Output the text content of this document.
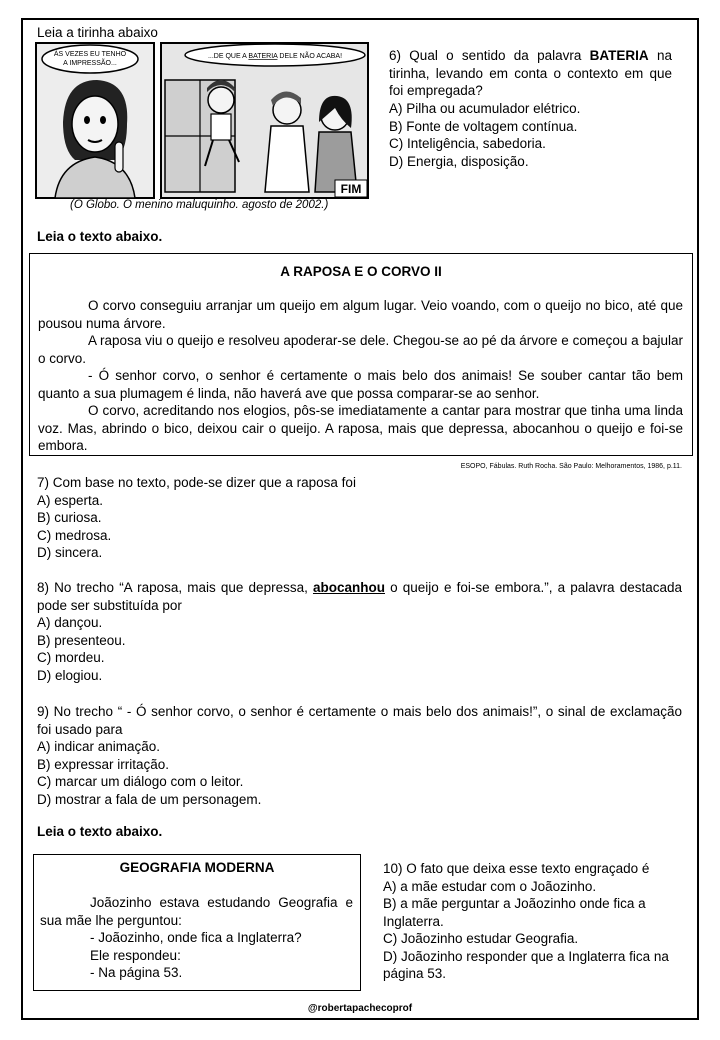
Leia a tirinha abaixo
ÀS VEZES EU TENHO
A IMPRESSÃO...
...DE QUE A BATERIA DELE NÃO ACABA!
FIM
(O Globo. O menino maluquinho. agosto de 2002.)
6) Qual o sentido da palavra BATERIA na tirinha, levando em conta o contexto em que foi empregada?
A) Pilha ou acumulador elétrico.
B) Fonte de voltagem contínua.
C) Inteligência, sabedoria.
D) Energia, disposição.
Leia o texto abaixo.
A RAPOSA E O CORVO II

O corvo conseguiu arranjar um queijo em algum lugar. Veio voando, com o queijo no bico, até que pousou numa árvore.

A raposa viu o queijo e resolveu apoderar-se dele. Chegou-se ao pé da árvore e começou a bajular o corvo.

- Ó senhor corvo, o senhor é certamente o mais belo dos animais! Se souber cantar tão bem quanto a sua plumagem é linda, não haverá ave que possa comparar-se ao senhor.

O corvo, acreditando nos elogios, pôs-se imediatamente a cantar para mostrar que tinha uma linda voz. Mas, abrindo o bico, deixou cair o queijo. A raposa, mais que depressa, abocanhou o queijo e foi-se embora.

ESOPO, Fábulas. Ruth Rocha. São Paulo: Melhoramentos, 1986, p.11.
7) Com base no texto, pode-se dizer que a raposa foi
A) esperta.
B) curiosa.
C) medrosa.
D) sincera.
8) No trecho “A raposa, mais que depressa, abocanhou o queijo e foi-se embora.”, a palavra destacada pode ser substituída por
A) dançou.
B) presenteou.
C) mordeu.
D) elogiou.
9) No trecho “ - Ó senhor corvo, o senhor é certamente o mais belo dos animais!”, o sinal de exclamação foi usado para
A) indicar animação.
B) expressar irritação.
C) marcar um diálogo com o leitor.
D) mostrar a fala de um personagem.
Leia o texto abaixo.
GEOGRAFIA MODERNA

Joãozinho estava estudando Geografia e sua mãe lhe perguntou:

- Joãozinho, onde fica a Inglaterra?

Ele respondeu:

- Na página 53.

10) O fato que deixa esse texto engraçado é
A) a mãe estudar com o Joãozinho.
B) a mãe perguntar a Joãozinho onde fica a Inglaterra.
C) Joãozinho estudar Geografia.
D) Joãozinho responder que a Inglaterra fica na página 53.
@robertapachecoprof
